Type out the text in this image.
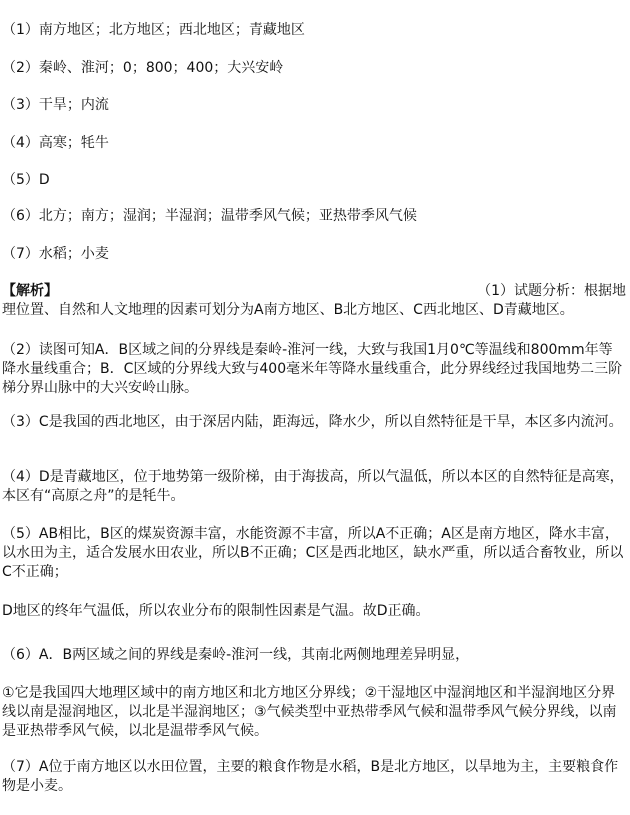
（1）南方地区；北方地区；西北地区；青藏地区
（2）秦岭、淮河；0；800；400；大兴安岭
（3）干旱；内流
（4）高寒；牦牛
（5）D
（6）北方；南方；湿润；半湿润；温带季风气候；亚热带季风气候
（7）水稻；小麦
【解析】	（1）试题分析：根据地
理位置、自然和人文地理的因素可划分为A南方地区、B北方地区、C西北地区、D青藏地区。
（2）读图可知A．B区域之间的分界线是秦岭-淮河一线，大致与我国1月0℃等温线和800mm年等降水量线重合；B．C区域的分界线大致与400毫米年等降水量线重合，此分界线经过我国地势二三阶梯分界山脉中的大兴安岭山脉。
（3）C是我国的西北地区，由于深居内陆，距海远，降水少，所以自然特征是干旱，本区多内流河。
（4）D是青藏地区，位于地势第一级阶梯，由于海拔高，所以气温低，所以本区的自然特征是高寒，本区有“高原之舟”的是牦牛。
（5）AB相比，B区的煤炭资源丰富，水能资源不丰富，所以A不正确；A区是南方地区，降水丰富，以水田为主，适合发展水田农业，所以B不正确；C区是西北地区，缺水严重，所以适合畜牧业，所以C不正确；
D地区的终年气温低，所以农业分布的限制性因素是气温。故D正确。
（6）A．B两区域之间的界线是秦岭-淮河一线，其南北两侧地理差异明显，
①它是我国四大地理区域中的南方地区和北方地区分界线；②干湿地区中湿润地区和半湿润地区分界线以南是湿润地区，以北是半湿润地区；③气候类型中亚热带季风气候和温带季风气候分界线，以南是亚热带季风气候，以北是温带季风气候。
（7）A位于南方地区以水田位置，主要的粮食作物是水稻，B是北方地区，以旱地为主，主要粮食作物是小麦。
